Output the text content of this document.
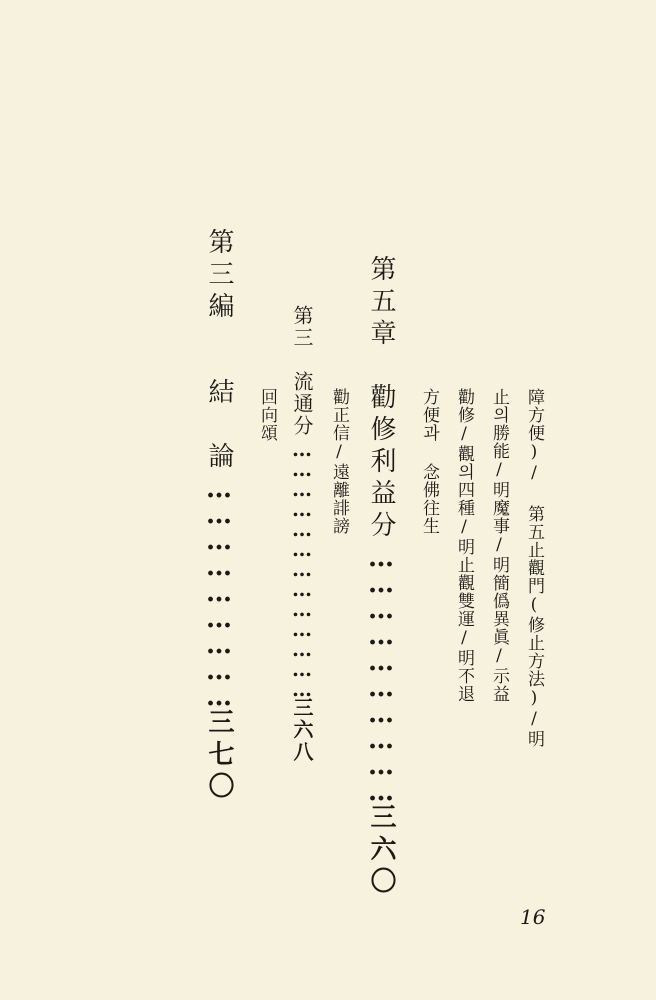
障方便)/ 第五止觀門(修止方法)/明
止의勝能/明魔事/明簡僞異眞/示益
勸修/觀의四種/明止觀雙運/明不退
方便과 念佛往生
第五章　勸修利益分…………………………三六〇
勸正信/遠離誹謗
第三　流通分…………………………………三六八
回向頌
第三編
結　論………………………三七〇
16
